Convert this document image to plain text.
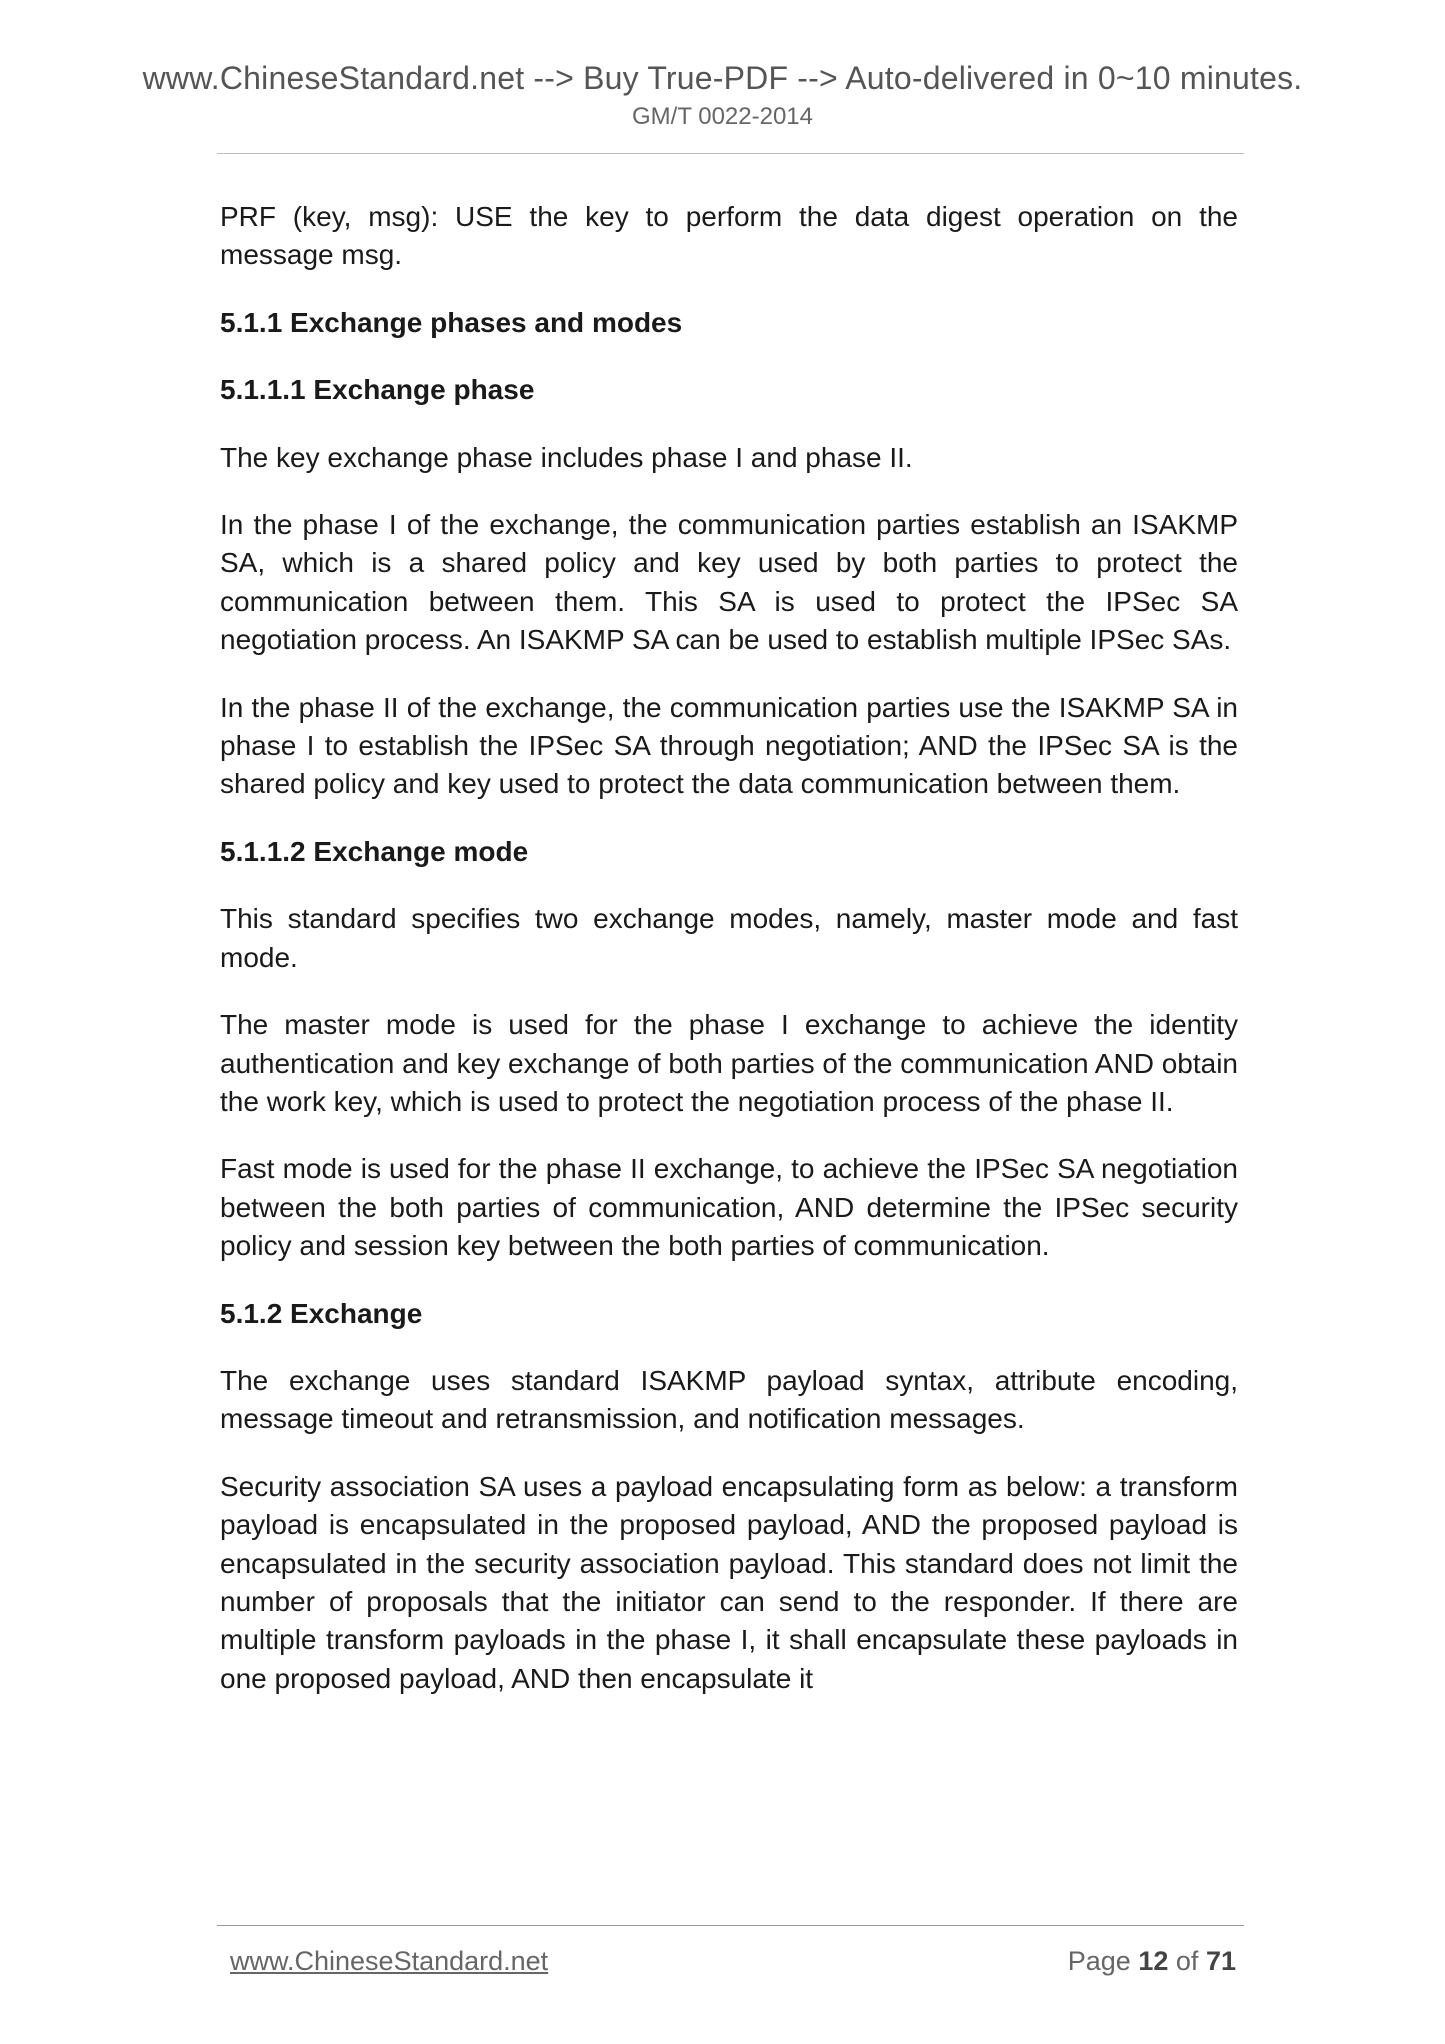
www.ChineseStandard.net --> Buy True-PDF --> Auto-delivered in 0~10 minutes.
GM/T 0022-2014

PRF (key, msg): USE the key to perform the data digest operation on the message msg.

5.1.1 Exchange phases and modes

5.1.1.1 Exchange phase

The key exchange phase includes phase I and phase II.

In the phase I of the exchange, the communication parties establish an ISAKMP SA, which is a shared policy and key used by both parties to protect the communication between them. This SA is used to protect the IPSec SA negotiation process. An ISAKMP SA can be used to establish multiple IPSec SAs.

In the phase II of the exchange, the communication parties use the ISAKMP SA in phase I to establish the IPSec SA through negotiation; AND the IPSec SA is the shared policy and key used to protect the data communication between them.

5.1.1.2 Exchange mode

This standard specifies two exchange modes, namely, master mode and fast mode.

The master mode is used for the phase I exchange to achieve the identity authentication and key exchange of both parties of the communication AND obtain the work key, which is used to protect the negotiation process of the phase II.

Fast mode is used for the phase II exchange, to achieve the IPSec SA negotiation between the both parties of communication, AND determine the IPSec security policy and session key between the both parties of communication.

5.1.2 Exchange

The exchange uses standard ISAKMP payload syntax, attribute encoding, message timeout and retransmission, and notification messages.

Security association SA uses a payload encapsulating form as below: a transform payload is encapsulated in the proposed payload, AND the proposed payload is encapsulated in the security association payload. This standard does not limit the number of proposals that the initiator can send to the responder. If there are multiple transform payloads in the phase I, it shall encapsulate these payloads in one proposed payload, AND then encapsulate it

www.ChineseStandard.net	Page 12 of 71
